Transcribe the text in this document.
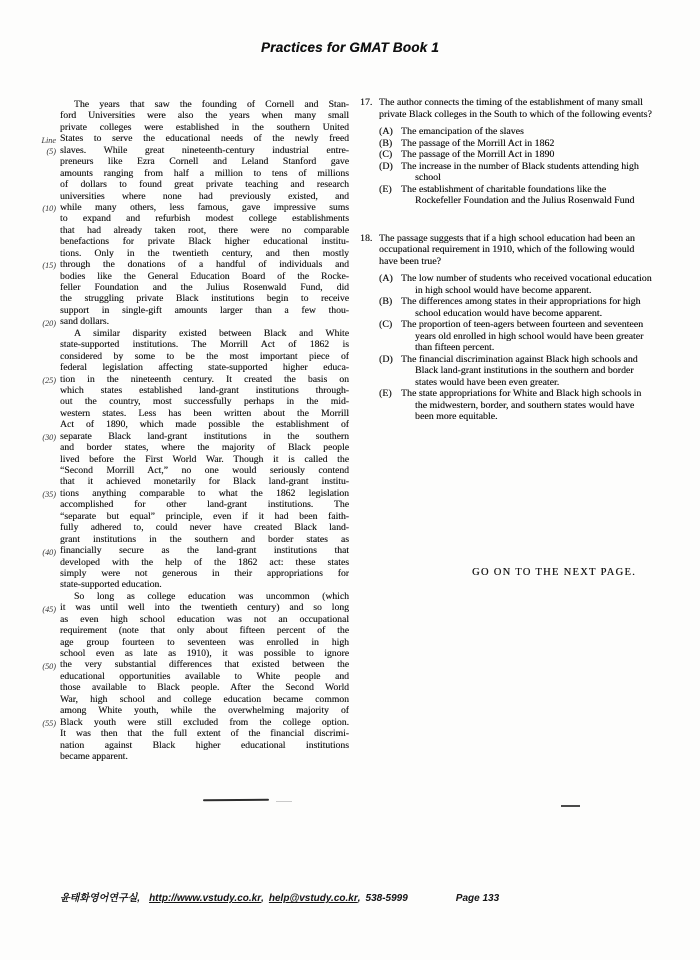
Practices for GMAT Book 1
Line
(5)
(10)
(15)
(20)
(25)
(30)
(35)
(40)
(45)
(50)
(55)
The years that saw the founding of Cornell and Stan-
ford Universities were also the years when many small
private colleges were established in the southern United
States to serve the educational needs of the newly freed
slaves. While great nineteenth-century industrial entre-
preneurs like Ezra Cornell and Leland Stanford gave
amounts ranging from half a million to tens of millions
of dollars to found great private teaching and research
universities where none had previously existed, and
while many others, less famous, gave impressive sums
to expand and refurbish modest college establishments
that had already taken root, there were no comparable
benefactions for private Black higher educational institu-
tions. Only in the twentieth century, and then mostly
through the donations of a handful of individuals and
bodies like the General Education Board of the Rocke-
feller Foundation and the Julius Rosenwald Fund, did
the struggling private Black institutions begin to receive
support in single-gift amounts larger than a few thou-
sand dollars.
A similar disparity existed between Black and White
state-supported institutions. The Morrill Act of 1862 is
considered by some to be the most important piece of
federal legislation affecting state-supported higher educa-
tion in the nineteenth century. It created the basis on
which states established land-grant institutions through-
out the country, most successfully perhaps in the mid-
western states. Less has been written about the Morrill
Act of 1890, which made possible the establishment of
separate Black land-grant institutions in the southern
and border states, where the majority of Black people
lived before the First World War. Though it is called the
“Second Morrill Act,” no one would seriously contend
that it achieved monetarily for Black land-grant institu-
tions anything comparable to what the 1862 legislation
accomplished for other land-grant institutions. The
“separate but equal” principle, even if it had been faith-
fully adhered to, could never have created Black land-
grant institutions in the southern and border states as
financially secure as the land-grant institutions that
developed with the help of the 1862 act: these states
simply were not generous in their appropriations for
state-supported education.
So long as college education was uncommon (which
it was until well into the twentieth century) and so long
as even high school education was not an occupational
requirement (note that only about fifteen percent of the
age group fourteen to seventeen was enrolled in high
school even as late as 1910), it was possible to ignore
the very substantial differences that existed between the
educational opportunities available to White people and
those available to Black people. After the Second World
War, high school and college education became common
among White youth, while the overwhelming majority of
Black youth were still excluded from the college option.
It was then that the full extent of the financial discrimi-
nation against Black higher educational institutions
became apparent.
17. The author connects the timing of the establishment of many small private Black colleges in the South to which of the following events?
(A) The emancipation of the slaves
(B) The passage of the Morrill Act in 1862
(C) The passage of the Morrill Act in 1890
(D) The increase in the number of Black students attending high school
(E) The establishment of charitable foundations like the Rockefeller Foundation and the Julius Rosenwald Fund
18. The passage suggests that if a high school education had been an occupational requirement in 1910, which of the following would have been true?
(A) The low number of students who received vocational education in high school would have become apparent.
(B) The differences among states in their appropriations for high school education would have become apparent.
(C) The proportion of teen-agers between fourteen and seventeen years old enrolled in high school would have been greater than fifteen percent.
(D) The financial discrimination against Black high schools and Black land-grant institutions in the southern and border states would have been even greater.
(E) The state appropriations for White and Black high schools in the midwestern, border, and southern states would have been more equitable.
GO ON TO THE NEXT PAGE.
윤태화영어연구실, http://www.vstudy.co.kr , help@vstudy.co.kr , 538-5999	Page 133
